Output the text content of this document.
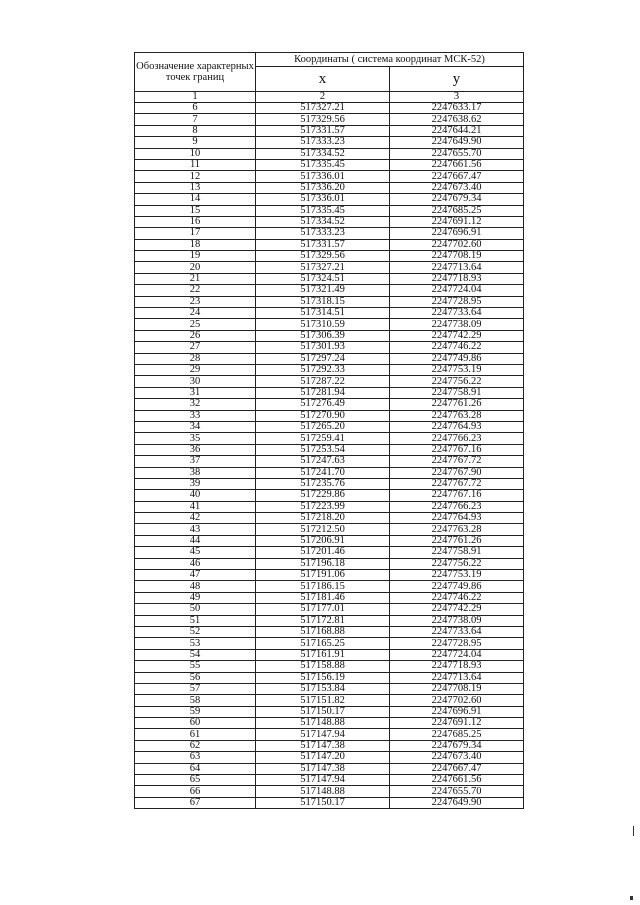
Обозначение характерных точек границ	Координаты ( система координат МСК-52)	
	x	y
1	2	3
6	517327.21	2247633.17
7	517329.56	2247638.62
8	517331.57	2247644.21
9	517333.23	2247649.90
10	517334.52	2247655.70
11	517335.45	2247661.56
12	517336.01	2247667.47
13	517336.20	2247673.40
14	517336.01	2247679.34
15	517335.45	2247685.25
16	517334.52	2247691.12
17	517333.23	2247696.91
18	517331.57	2247702.60
19	517329.56	2247708.19
20	517327.21	2247713.64
21	517324.51	2247718.93
22	517321.49	2247724.04
23	517318.15	2247728.95
24	517314.51	2247733.64
25	517310.59	2247738.09
26	517306.39	2247742.29
27	517301.93	2247746.22
28	517297.24	2247749.86
29	517292.33	2247753.19
30	517287.22	2247756.22
31	517281.94	2247758.91
32	517276.49	2247761.26
33	517270.90	2247763.28
34	517265.20	2247764.93
35	517259.41	2247766.23
36	517253.54	2247767.16
37	517247.63	2247767.72
38	517241.70	2247767.90
39	517235.76	2247767.72
40	517229.86	2247767.16
41	517223.99	2247766.23
42	517218.20	2247764.93
43	517212.50	2247763.28
44	517206.91	2247761.26
45	517201.46	2247758.91
46	517196.18	2247756.22
47	517191.06	2247753.19
48	517186.15	2247749.86
49	517181.46	2247746.22
50	517177.01	2247742.29
51	517172.81	2247738.09
52	517168.88	2247733.64
53	517165.25	2247728.95
54	517161.91	2247724.04
55	517158.88	2247718.93
56	517156.19	2247713.64
57	517153.84	2247708.19
58	517151.82	2247702.60
59	517150.17	2247696.91
60	517148.88	2247691.12
61	517147.94	2247685.25
62	517147.38	2247679.34
63	517147.20	2247673.40
64	517147.38	2247667.47
65	517147.94	2247661.56
66	517148.88	2247655.70
67	517150.17	2247649.90
